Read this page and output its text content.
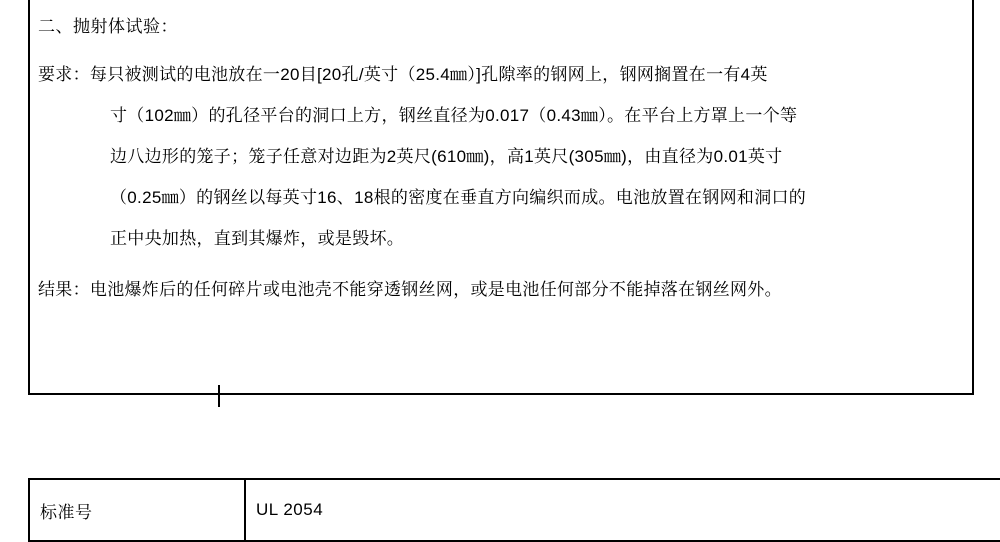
二、抛射体试验：
要求：每只被测试的电池放在一20目[20孔/英寸（25.4㎜）]孔隙率的钢网上，钢网搁置在一有4英
寸（102㎜）的孔径平台的洞口上方，钢丝直径为0.017（0.43㎜）。在平台上方罩上一个等
边八边形的笼子；笼子任意对边距为2英尺(610㎜)，高1英尺(305㎜)，由直径为0.01英寸
（0.25㎜）的钢丝以每英寸16、18根的密度在垂直方向编织而成。电池放置在钢网和洞口的
正中央加热，直到其爆炸，或是毁坏。
结果：电池爆炸后的任何碎片或电池壳不能穿透钢丝网，或是电池任何部分不能掉落在钢丝网外。
标准号	UL 2054
